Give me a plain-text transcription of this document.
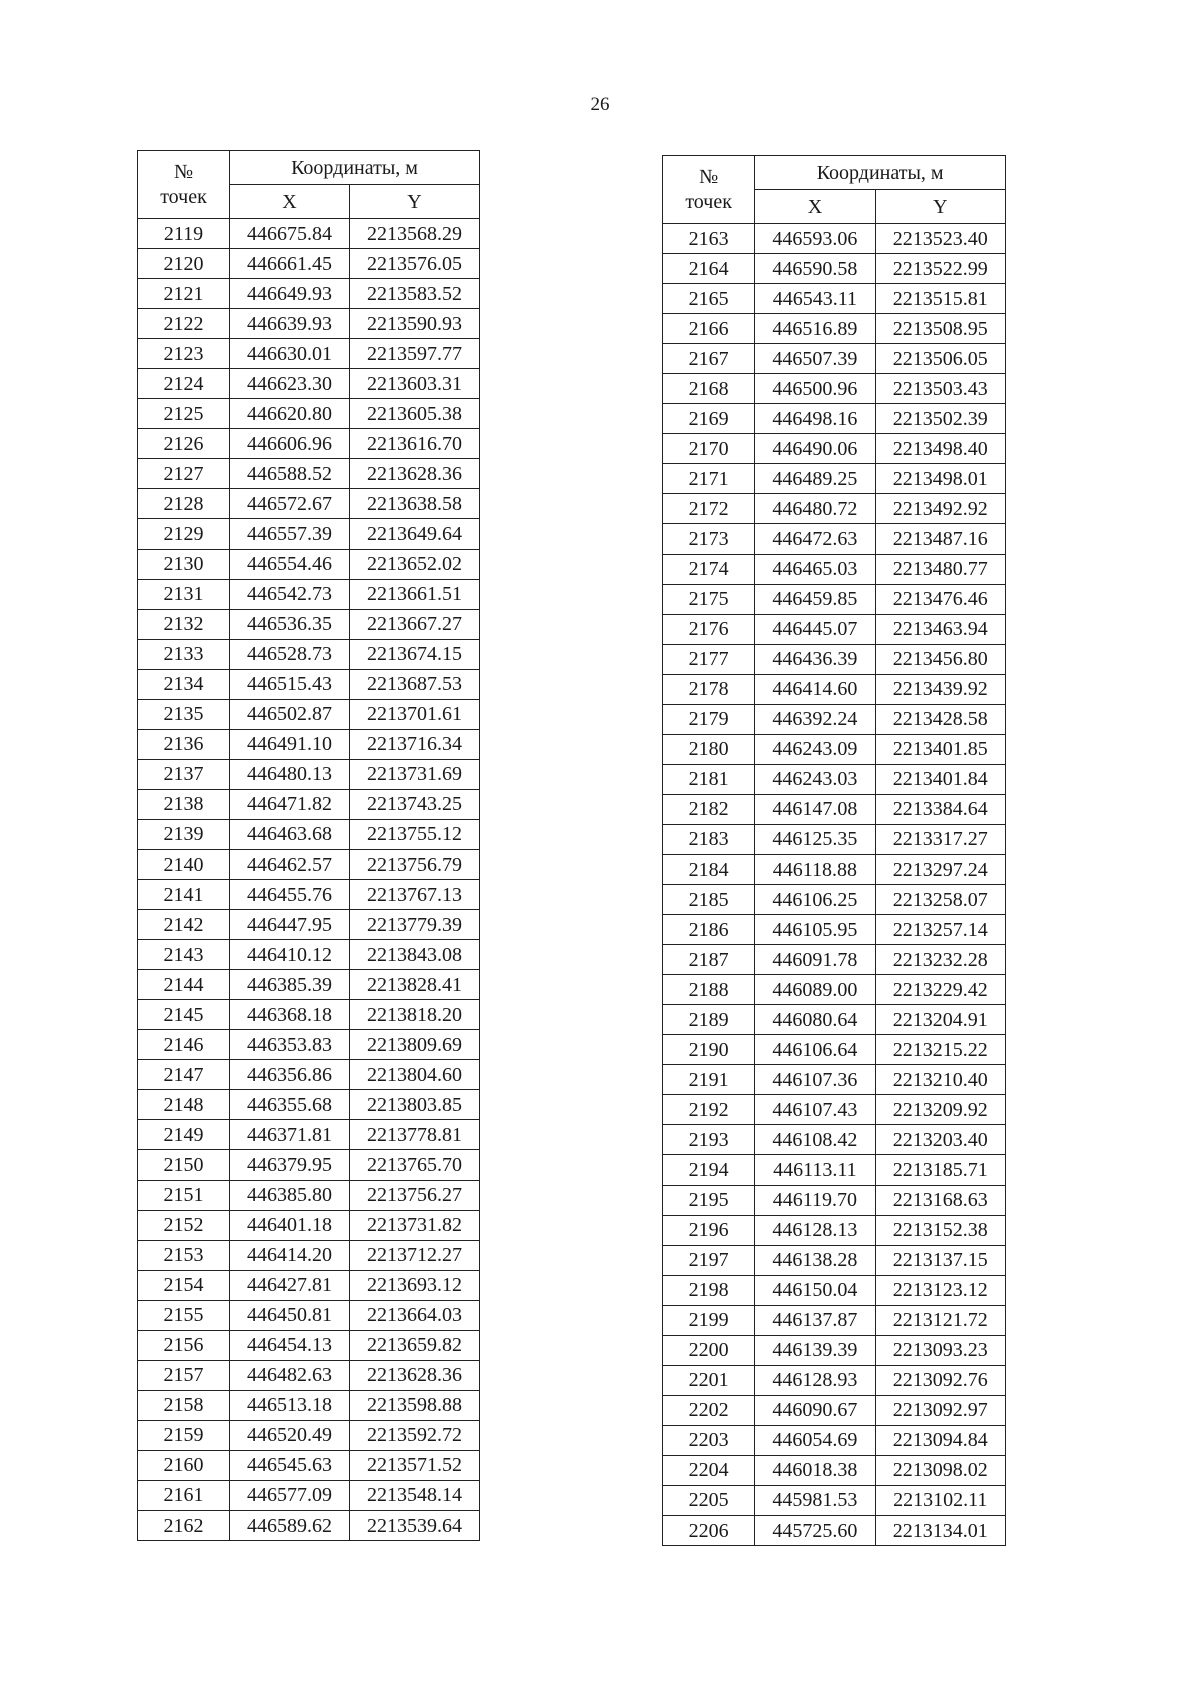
26
№
точек	Координаты, м	
	X	Y
2119	446675.84	2213568.29
2120	446661.45	2213576.05
2121	446649.93	2213583.52
2122	446639.93	2213590.93
2123	446630.01	2213597.77
2124	446623.30	2213603.31
2125	446620.80	2213605.38
2126	446606.96	2213616.70
2127	446588.52	2213628.36
2128	446572.67	2213638.58
2129	446557.39	2213649.64
2130	446554.46	2213652.02
2131	446542.73	2213661.51
2132	446536.35	2213667.27
2133	446528.73	2213674.15
2134	446515.43	2213687.53
2135	446502.87	2213701.61
2136	446491.10	2213716.34
2137	446480.13	2213731.69
2138	446471.82	2213743.25
2139	446463.68	2213755.12
2140	446462.57	2213756.79
2141	446455.76	2213767.13
2142	446447.95	2213779.39
2143	446410.12	2213843.08
2144	446385.39	2213828.41
2145	446368.18	2213818.20
2146	446353.83	2213809.69
2147	446356.86	2213804.60
2148	446355.68	2213803.85
2149	446371.81	2213778.81
2150	446379.95	2213765.70
2151	446385.80	2213756.27
2152	446401.18	2213731.82
2153	446414.20	2213712.27
2154	446427.81	2213693.12
2155	446450.81	2213664.03
2156	446454.13	2213659.82
2157	446482.63	2213628.36
2158	446513.18	2213598.88
2159	446520.49	2213592.72
2160	446545.63	2213571.52
2161	446577.09	2213548.14
2162	446589.62	2213539.64
№
точек	Координаты, м	
	X	Y
2163	446593.06	2213523.40
2164	446590.58	2213522.99
2165	446543.11	2213515.81
2166	446516.89	2213508.95
2167	446507.39	2213506.05
2168	446500.96	2213503.43
2169	446498.16	2213502.39
2170	446490.06	2213498.40
2171	446489.25	2213498.01
2172	446480.72	2213492.92
2173	446472.63	2213487.16
2174	446465.03	2213480.77
2175	446459.85	2213476.46
2176	446445.07	2213463.94
2177	446436.39	2213456.80
2178	446414.60	2213439.92
2179	446392.24	2213428.58
2180	446243.09	2213401.85
2181	446243.03	2213401.84
2182	446147.08	2213384.64
2183	446125.35	2213317.27
2184	446118.88	2213297.24
2185	446106.25	2213258.07
2186	446105.95	2213257.14
2187	446091.78	2213232.28
2188	446089.00	2213229.42
2189	446080.64	2213204.91
2190	446106.64	2213215.22
2191	446107.36	2213210.40
2192	446107.43	2213209.92
2193	446108.42	2213203.40
2194	446113.11	2213185.71
2195	446119.70	2213168.63
2196	446128.13	2213152.38
2197	446138.28	2213137.15
2198	446150.04	2213123.12
2199	446137.87	2213121.72
2200	446139.39	2213093.23
2201	446128.93	2213092.76
2202	446090.67	2213092.97
2203	446054.69	2213094.84
2204	446018.38	2213098.02
2205	445981.53	2213102.11
2206	445725.60	2213134.01
